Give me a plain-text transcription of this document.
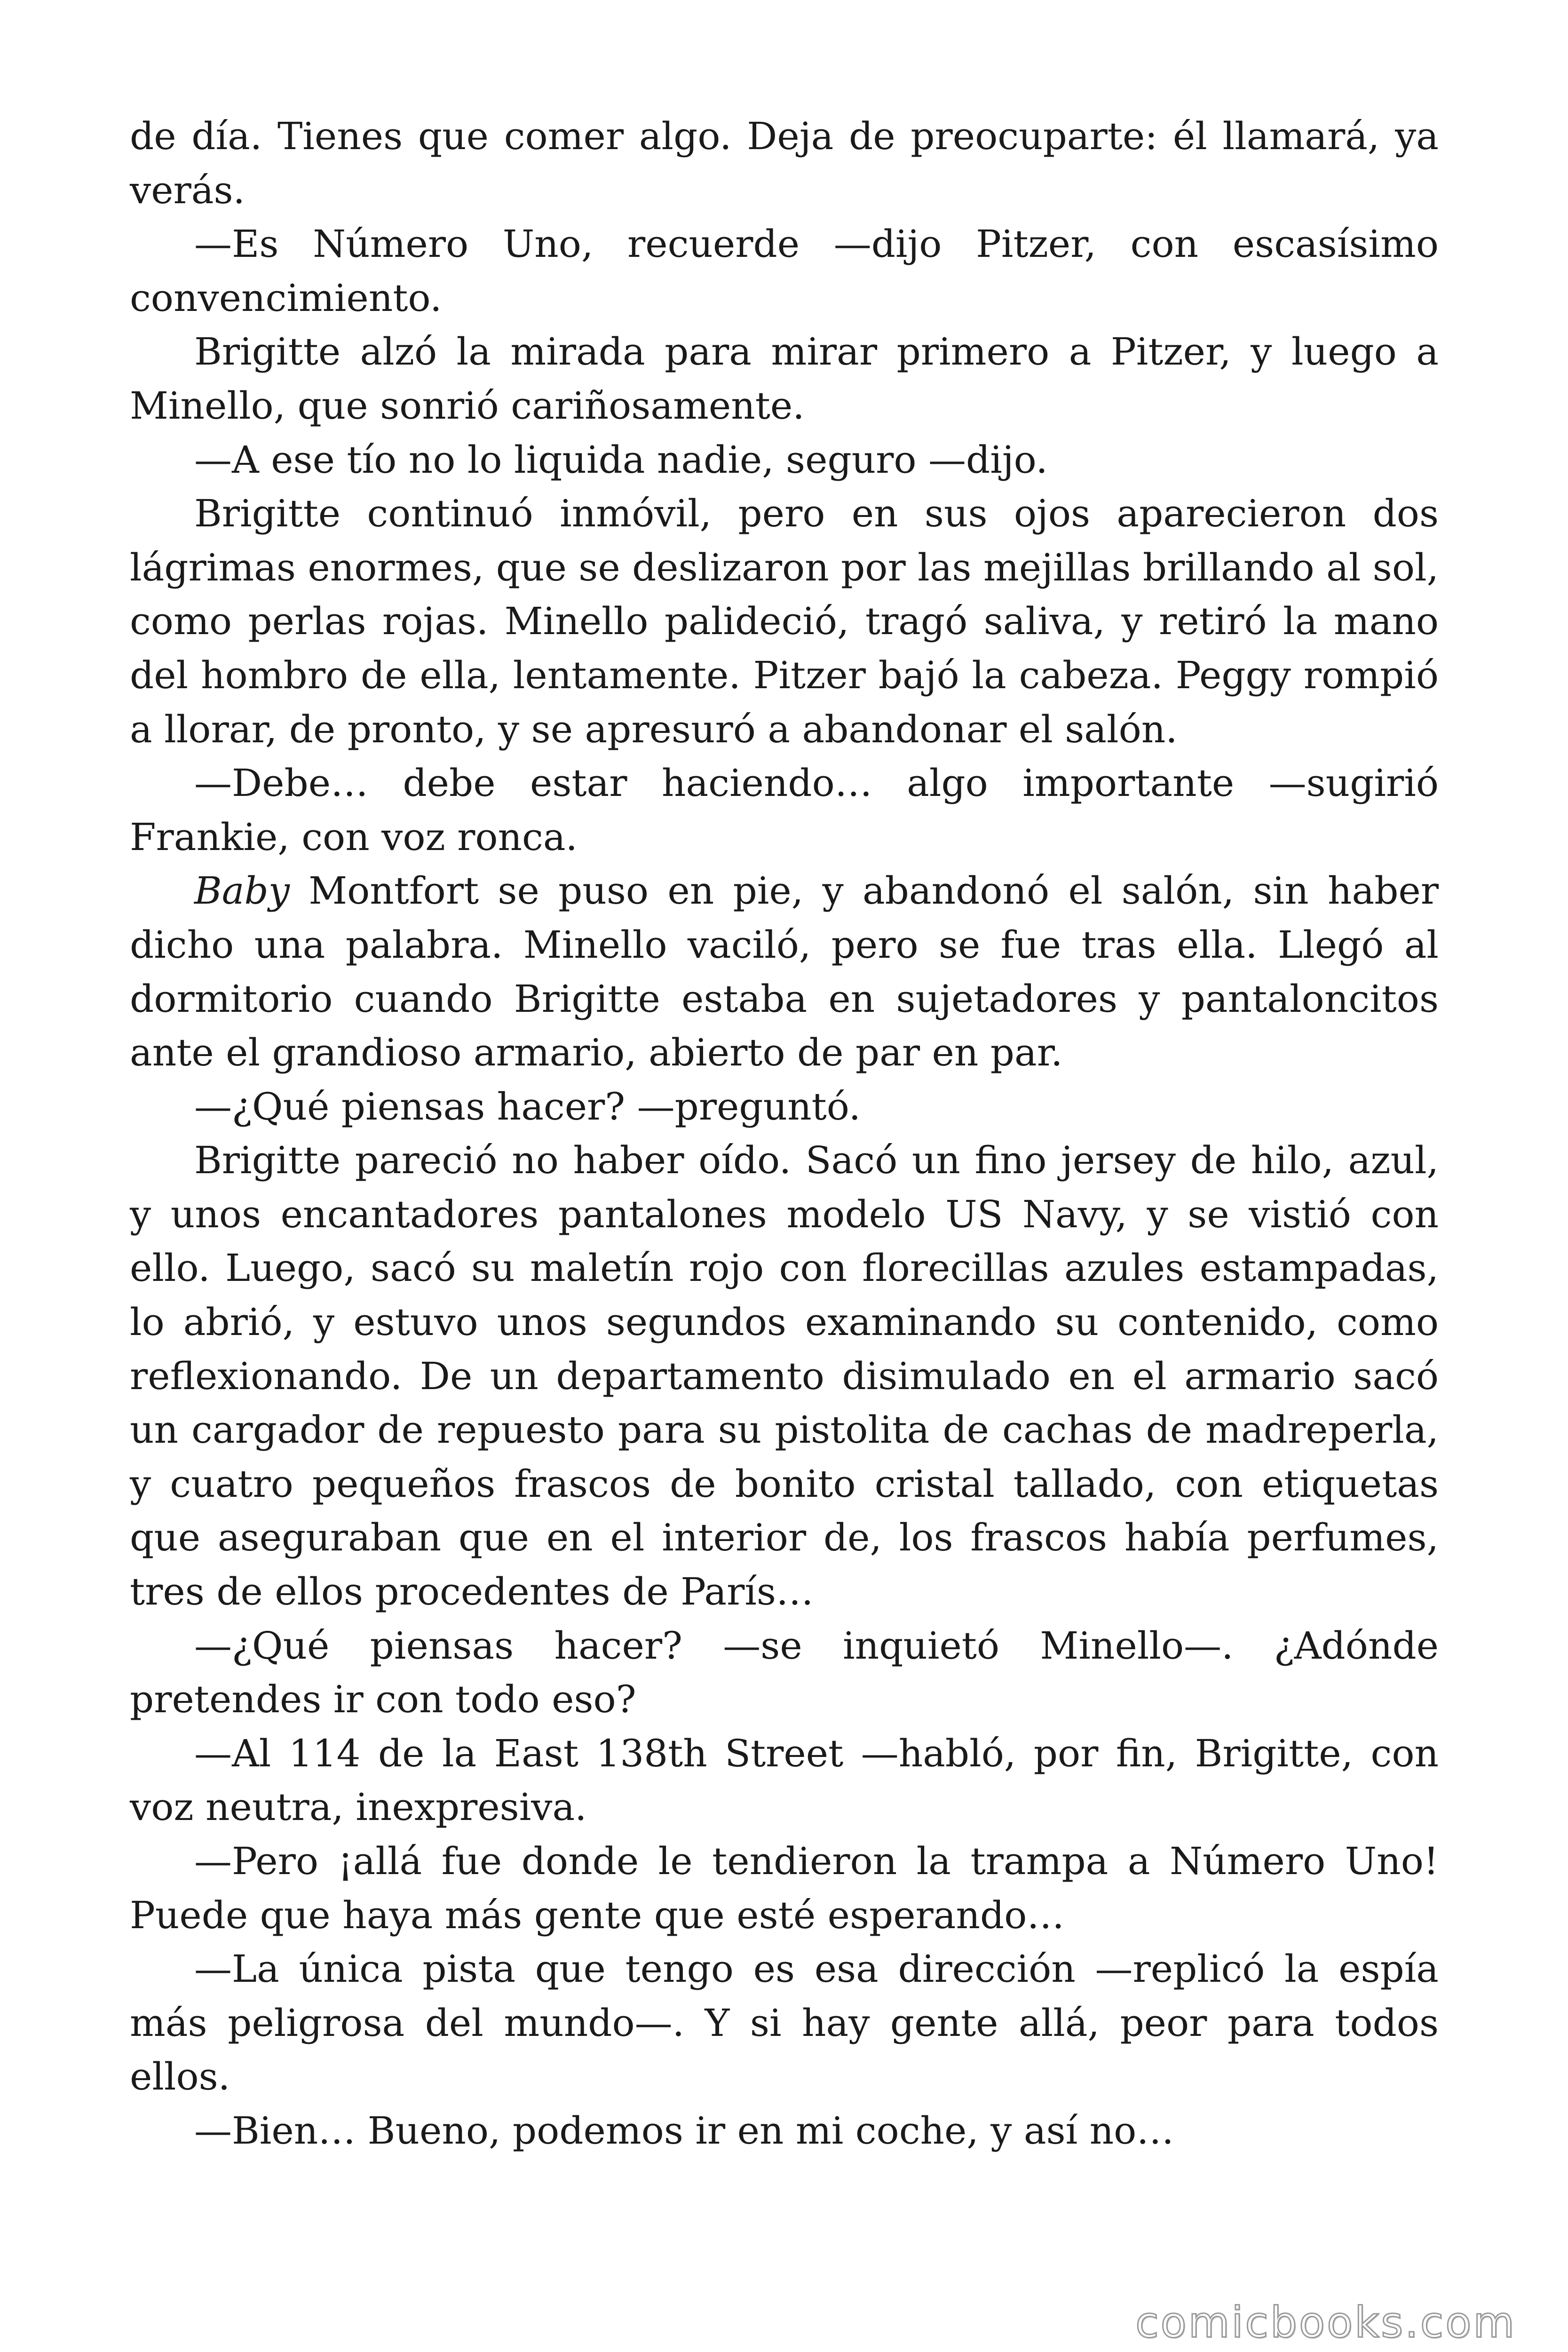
de día. Tienes que comer algo. Deja de preocuparte: él llamará, ya verás.

—Es Número Uno, recuerde —dijo Pitzer, con escasísimo convencimiento.

Brigitte alzó la mirada para mirar primero a Pitzer, y luego a Minello, que sonrió cariñosamente.

—A ese tío no lo liquida nadie, seguro —dijo.

Brigitte continuó inmóvil, pero en sus ojos aparecieron dos lágrimas enormes, que se deslizaron por las mejillas brillando al sol, como perlas rojas. Minello palideció, tragó saliva, y retiró la mano del hombro de ella, lentamente. Pitzer bajó la cabeza. Peggy rompió a llorar, de pronto, y se apresuró a abandonar el salón.

—Debe… debe estar haciendo… algo importante —sugirió Frankie, con voz ronca.

Baby Montfort se puso en pie, y abandonó el salón, sin haber dicho una palabra. Minello vaciló, pero se fue tras ella. Llegó al dormitorio cuando Brigitte estaba en sujetadores y pantaloncitos ante el grandioso armario, abierto de par en par.

—¿Qué piensas hacer? —preguntó.

Brigitte pareció no haber oído. Sacó un fino jersey de hilo, azul, y unos encantadores pantalones modelo US Navy, y se vistió con ello. Luego, sacó su maletín rojo con florecillas azules estampadas, lo abrió, y estuvo unos segundos examinando su contenido, como reflexionando. De un departamento disimulado en el armario sacó un cargador de repuesto para su pistolita de cachas de madreperla, y cuatro pequeños frascos de bonito cristal tallado, con etiquetas que aseguraban que en el interior de, los frascos había perfumes, tres de ellos procedentes de París…

—¿Qué piensas hacer? —se inquietó Minello—. ¿Adónde pretendes ir con todo eso?

—Al 114 de la East 138th Street —habló, por fin, Brigitte, con voz neutra, inexpresiva.

—Pero ¡allá fue donde le tendieron la trampa a Número Uno! Puede que haya más gente que esté esperando…

—La única pista que tengo es esa dirección —replicó la espía más peligrosa del mundo—. Y si hay gente allá, peor para todos ellos.

—Bien… Bueno, podemos ir en mi coche, y así no…

comicbooks.com
